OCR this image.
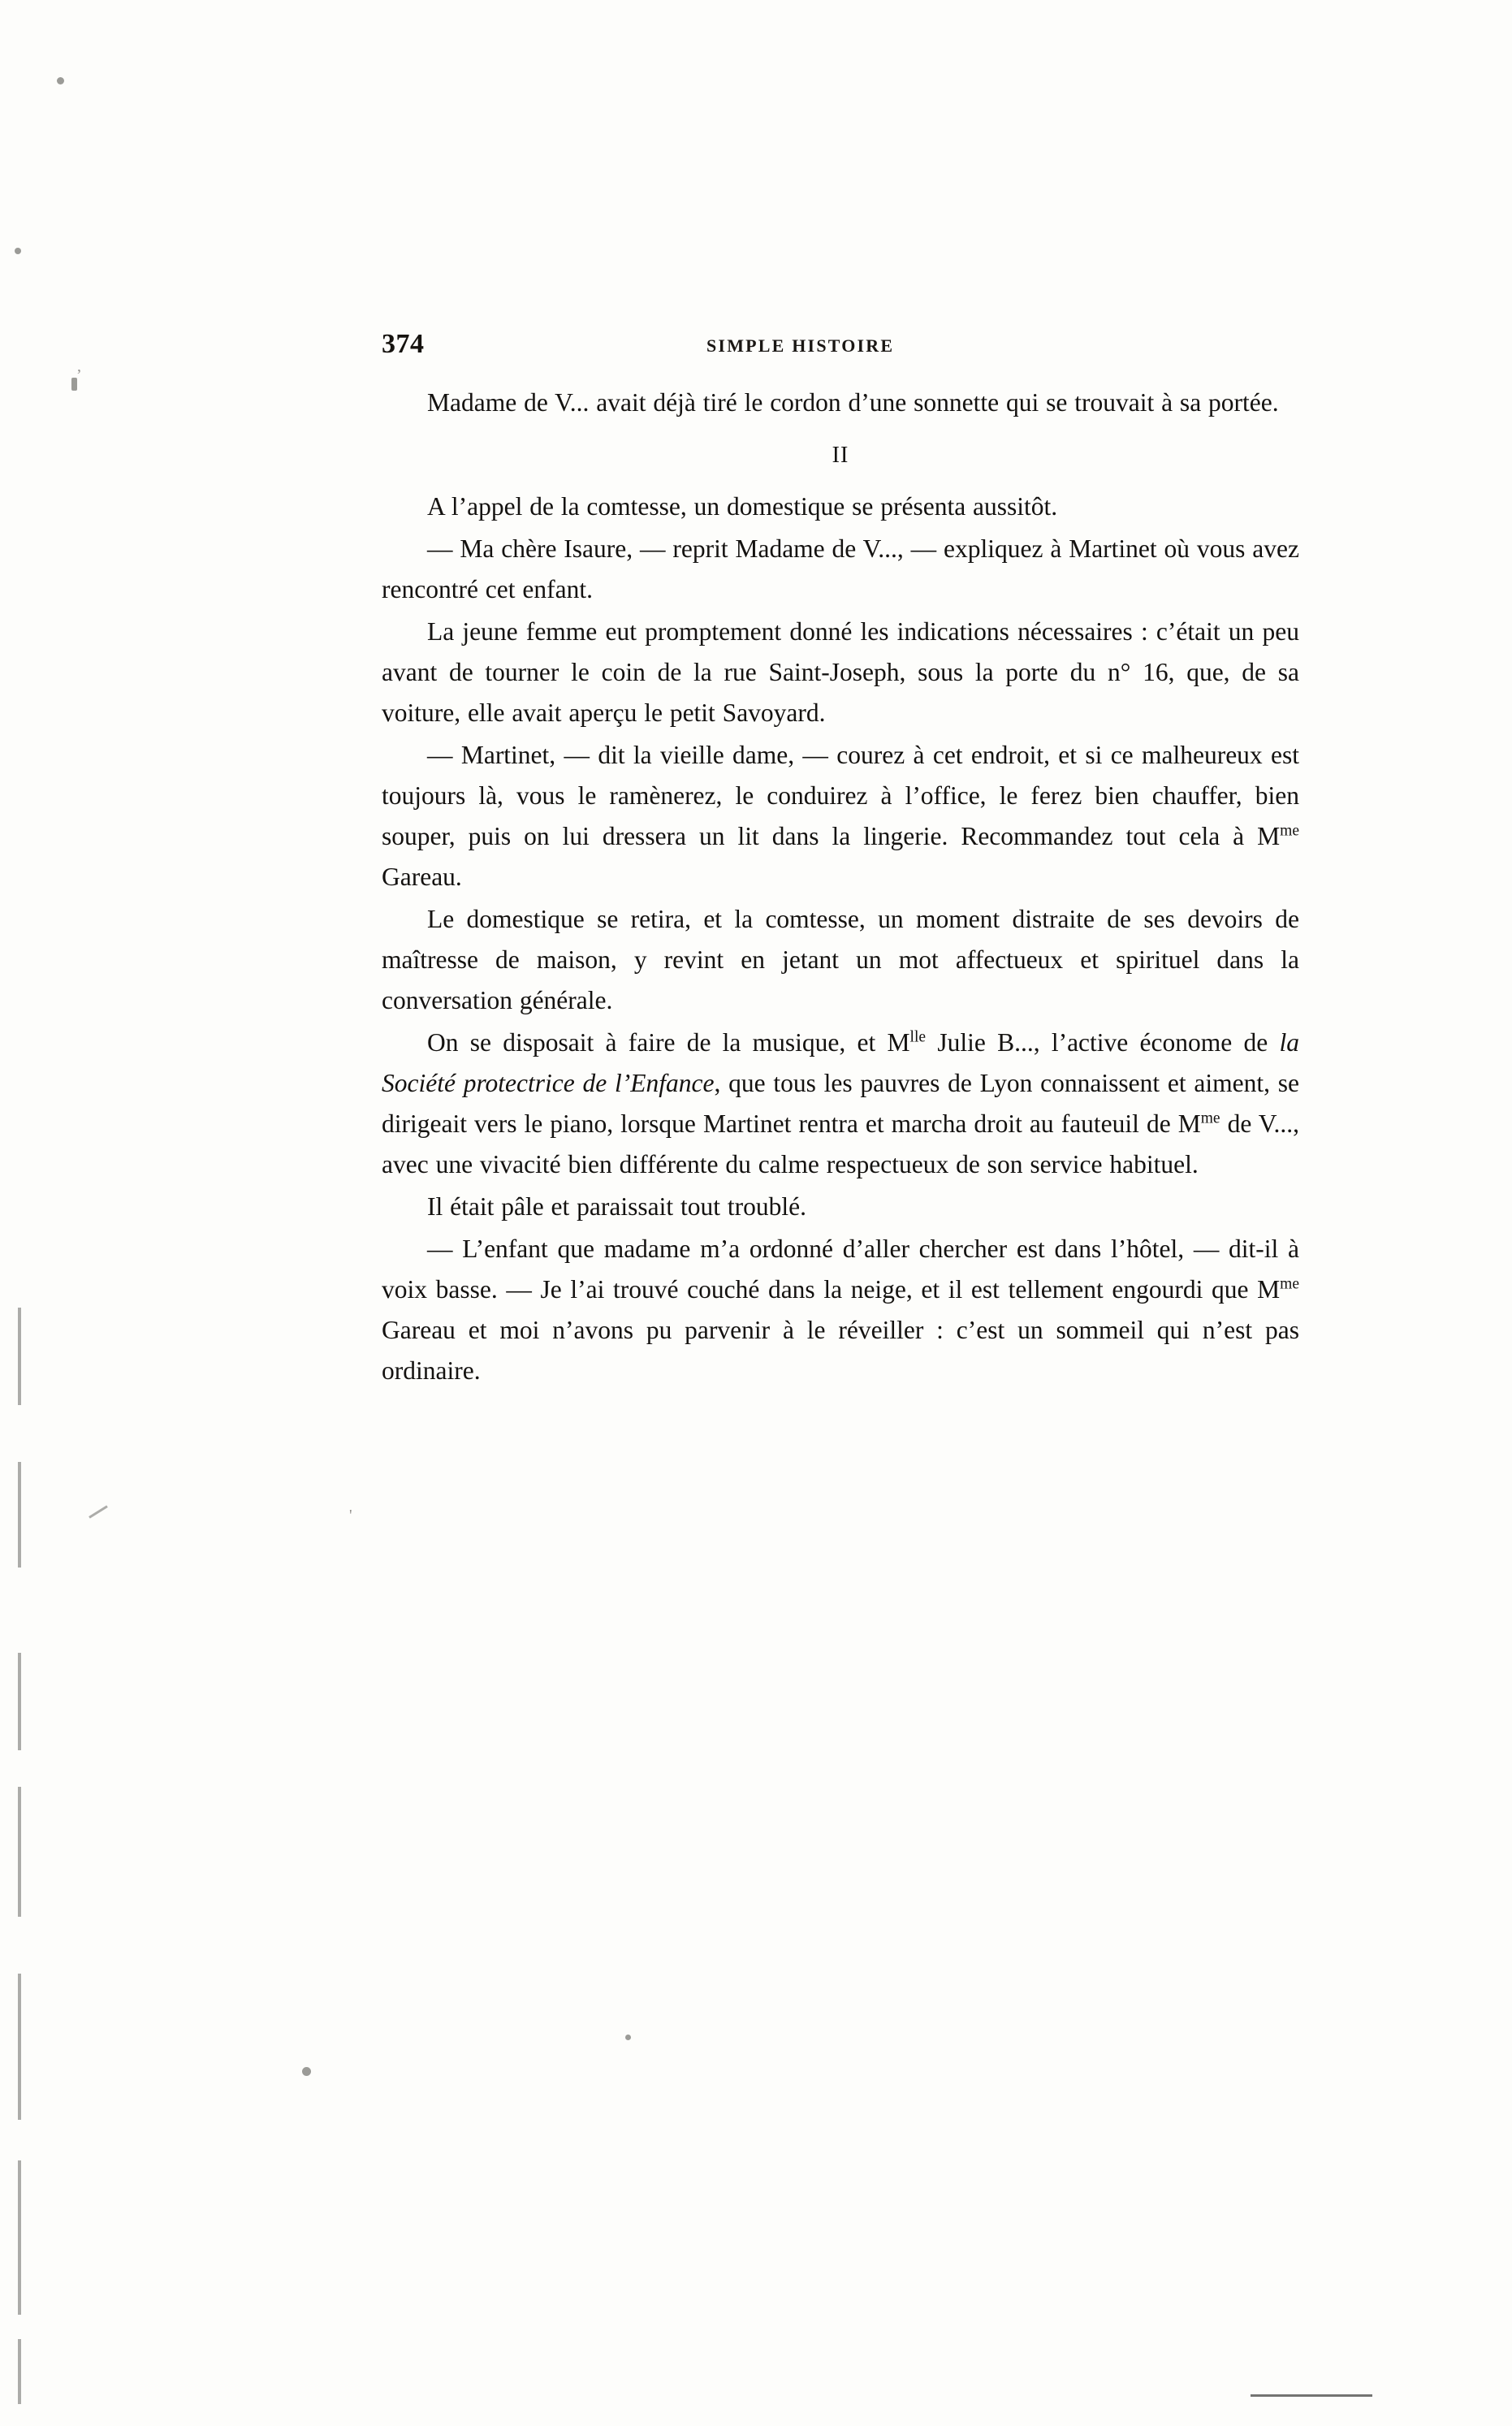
,
'
374	SIMPLE HISTOIRE

Madame de V... avait déjà tiré le cordon d’une sonnette qui se trouvait à sa portée.

II

A l’appel de la comtesse, un domestique se présenta aussitôt.

— Ma chère Isaure, — reprit Madame de V..., — expliquez à Martinet où vous avez rencontré cet enfant.

La jeune femme eut promptement donné les indications nécessaires : c’était un peu avant de tourner le coin de la rue Saint-Joseph, sous la porte du n° 16, que, de sa voiture, elle avait aperçu le petit Savoyard.

— Martinet, — dit la vieille dame, — courez à cet endroit, et si ce malheureux est toujours là, vous le ramènerez, le conduirez à l’office, le ferez bien chauffer, bien souper, puis on lui dressera un lit dans la lingerie. Recommandez tout cela à $M^{me}$ Gareau.

Le domestique se retira, et la comtesse, un moment distraite de ses devoirs de maîtresse de maison, y revint en jetant un mot affectueux et spirituel dans la conversation générale.

On se disposait à faire de la musique, et $M^{lle}$ Julie B..., l’active économe de la Société protectrice de l’Enfance, que tous les pauvres de Lyon connaissent et aiment, se dirigeait vers le piano, lorsque Martinet rentra et marcha droit au fauteuil de $M^{me}$ de V..., avec une vivacité bien différente du calme respectueux de son service habituel.

Il était pâle et paraissait tout troublé.

— L’enfant que madame m’a ordonné d’aller chercher est dans l’hôtel, — dit-il à voix basse. — Je l’ai trouvé couché dans la neige, et il est tellement engourdi que $M^{me}$ Gareau et moi n’avons pu parvenir à le réveiller : c’est un sommeil qui n’est pas ordinaire.
